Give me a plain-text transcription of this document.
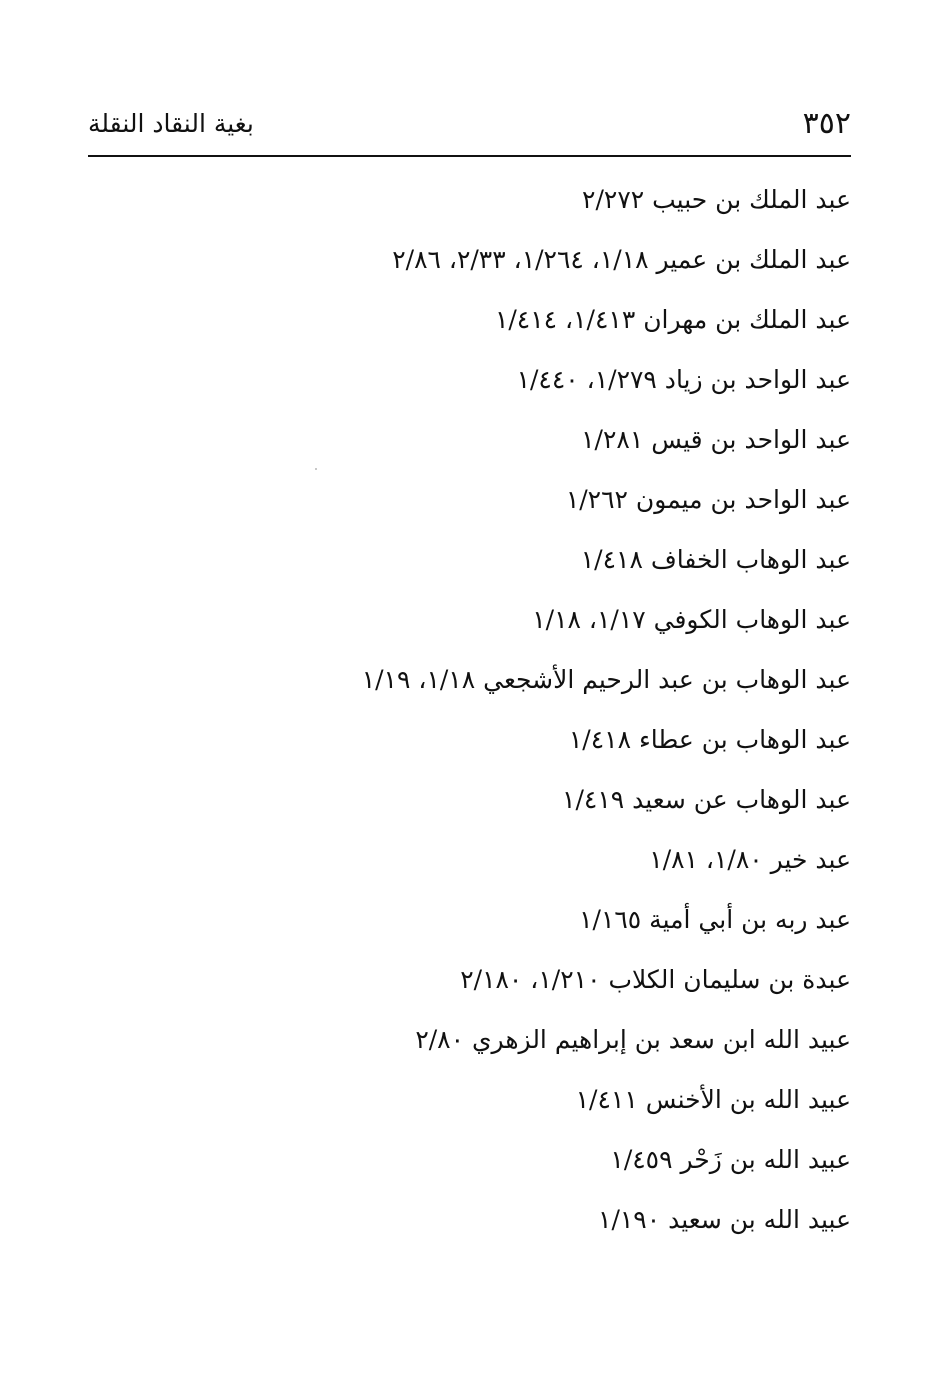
٣٥٢
بغية النقاد النقلة
عبد الملك بن حبيب ٢/٢٧٢
عبد الملك بن عمير ١/١٨، ١/٢٦٤، ٢/٣٣، ٢/٨٦
عبد الملك بن مهران ١/٤١٣، ١/٤١٤
عبد الواحد بن زياد ١/٢٧٩، ١/٤٤٠
عبد الواحد بن قيس ١/٢٨١
عبد الواحد بن ميمون ١/٢٦٢
عبد الوهاب الخفاف ١/٤١٨
عبد الوهاب الكوفي ١/١٧، ١/١٨
عبد الوهاب بن عبد الرحيم الأشجعي ١/١٨، ١/١٩
عبد الوهاب بن عطاء ١/٤١٨
عبد الوهاب عن سعيد ١/٤١٩
عبد خير ١/٨٠، ١/٨١
عبد ربه بن أبي أمية ١/١٦٥
عبدة بن سليمان الكلاب ١/٢١٠، ٢/١٨٠
عبيد الله ابن سعد بن إبراهيم الزهري ٢/٨٠
عبيد الله بن الأخنس ١/٤١١
عبيد الله بن زَحْر ١/٤٥٩
عبيد الله بن سعيد ١/١٩٠
